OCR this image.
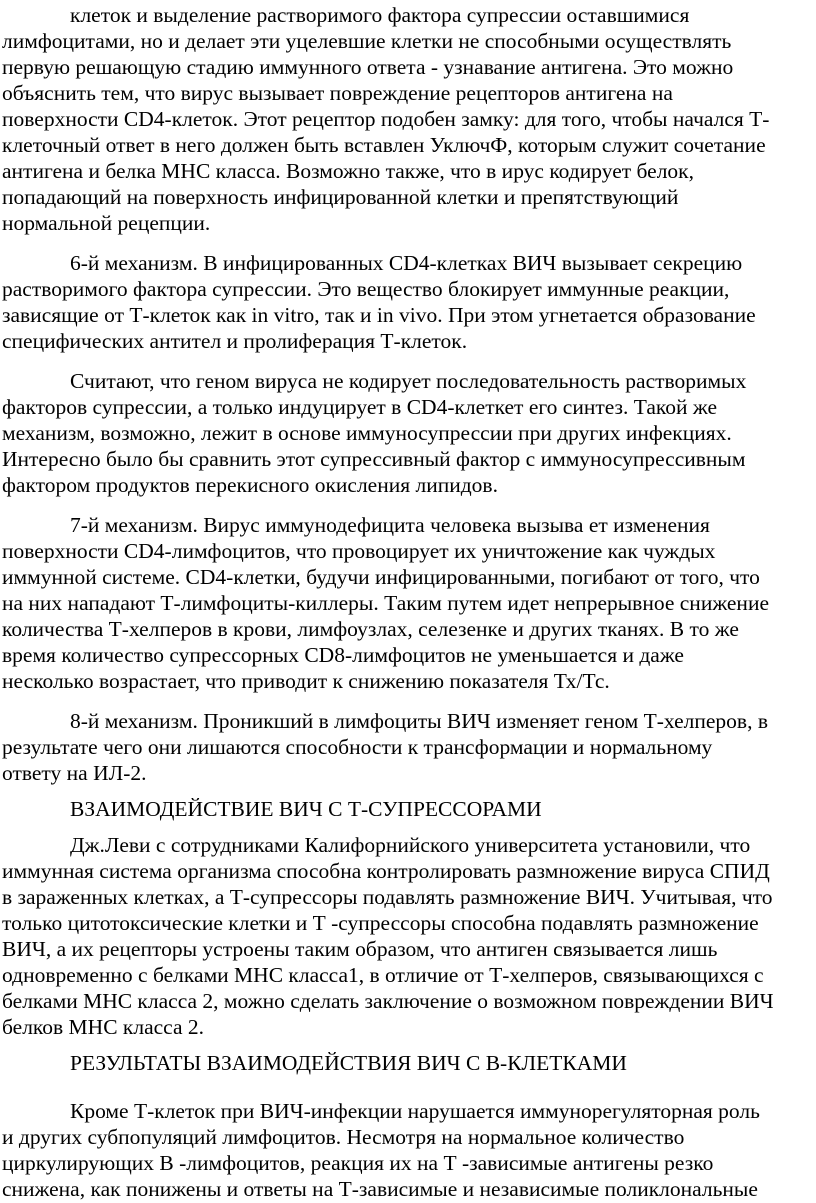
клеток и выделение растворимого фактора супрессии оставшимися
лимфоцитами, но и делает эти уцелевшие клетки не способными осуществлять
первую решающую стадию иммунного ответа - узнавание антигена. Это можно
объяснить тем, что вирус вызывает повреждение рецепторов антигена на
поверхности CD4-клеток. Этот рецептор подобен замку: для того, чтобы начался Т-
клеточный ответ в него должен быть вставлен УключФ, которым служит сочетание
антигена и белка МНС класса. Возможно также, что в ирус кодирует белок,
попадающий на поверхность инфицированной клетки и препятствующий
нормальной рецепции.
6-й механизм. В инфицированных CD4-клетках ВИЧ вызывает секрецию
растворимого фактора супрессии. Это вещество блокирует иммунные реакции,
зависящие от Т-клеток как in vitro, так и in vivo. При этом угнетается образование
специфических антител и пролиферация Т-клеток.
Считают, что геном вируса не кодирует последовательность растворимых
факторов супрессии, а только индуцирует в CD4-клеткет его синтез. Такой же
механизм, возможно, лежит в основе иммуносупрессии при других инфекциях.
Интересно было бы сравнить этот супрессивный фактор с иммуносупрессивным
фактором продуктов перекисного окисления липидов.
7-й механизм. Вирус иммунодефицита человека вызыва ет изменения
поверхности CD4-лимфоцитов, что провоцирует их уничтожение как чуждых
иммунной системе. CD4-клетки, будучи инфицированными, погибают от того, что
на них нападают Т-лимфоциты-киллеры. Таким путем идет непрерывное снижение
количества Т-хелперов в крови, лимфоузлах, селезенке и других тканях. В то же
время количество супрессорных CD8-лимфоцитов не уменьшается и даже
несколько возрастает, что приводит к снижению показателя Тх/Тс.
8-й механизм. Проникший в лимфоциты ВИЧ изменяет геном Т-хелперов, в
результате чего они лишаются способности к трансформации и нормальному
ответу на ИЛ-2.
ВЗАИМОДЕЙСТВИЕ ВИЧ С Т-СУПРЕССОРАМИ
Дж.Леви с сотрудниками Калифорнийского университета установили, что
иммунная система организма способна контролировать размножение вируса СПИД
в зараженных клетках, а Т-супрессоры подавлять размножение ВИЧ. Учитывая, что
только цитотоксические клетки и Т -супрессоры способна подавлять размножение
ВИЧ, а их рецепторы устроены таким образом, что антиген связывается лишь
одновременно с белками МНС класса1, в отличие от Т-хелперов, связывающихся с
белками МНС класса 2, можно сделать заключение о возможном повреждении ВИЧ
белков МНС класса 2.
РЕЗУЛЬТАТЫ ВЗАИМОДЕЙСТВИЯ ВИЧ С В-КЛЕТКАМИ
Кроме Т-клеток при ВИЧ-инфекции нарушается иммунорегуляторная роль
и других субпопуляций лимфоцитов. Несмотря на нормальное количество
циркулирующих В -лимфоцитов, реакция их на Т -зависимые антигены резко
снижена, как понижены и ответы на Т-зависимые и независимые поликлональные
